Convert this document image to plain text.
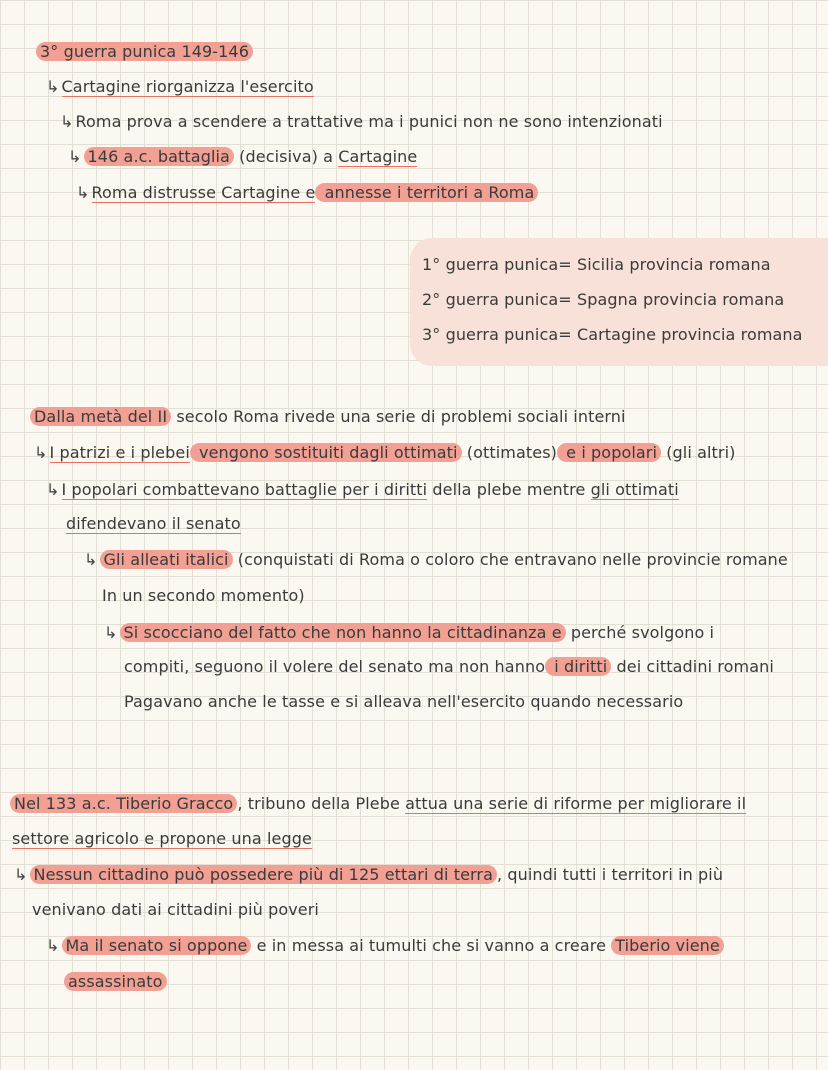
3° guerra punica 149-146
↳ Cartagine riorganizza l'esercito
↳ Roma prova a scendere a trattative ma i punici non ne sono intenzionati
↳ 146 a.c. battaglia (decisiva) a Cartagine
↳ Roma distrusse Cartagine e annesse i territori a Roma
1° guerra punica= Sicilia provincia romana
2° guerra punica= Spagna provincia romana
3° guerra punica= Cartagine provincia romana
Dalla metà del II secolo Roma rivede una serie di problemi sociali interni
↳ I patrizi e i plebei vengono sostituiti dagli ottimati (ottimates) e i popolari (gli altri)
↳ I popolari combattevano battaglie per i diritti della plebe mentre gli ottimati
difendevano il senato
↳ Gli alleati italici (conquistati di Roma o coloro che entravano nelle provincie romane
In un secondo momento)
↳ Si scocciano del fatto che non hanno la cittadinanza e perché svolgono i
compiti, seguono il volere del senato ma non hanno i diritti dei cittadini romani
Pagavano anche le tasse e si alleava nell'esercito quando necessario
Nel 133 a.c. Tiberio Gracco , tribuno della Plebe attua una serie di riforme per migliorare il
settore agricolo e propone una legge
↳ Nessun cittadino può possedere più di 125 ettari di terra , quindi tutti i territori in più
venivano dati ai cittadini più poveri
↳ Ma il senato si oppone e in messa ai tumulti che si vanno a creare Tiberio viene
assassinato
